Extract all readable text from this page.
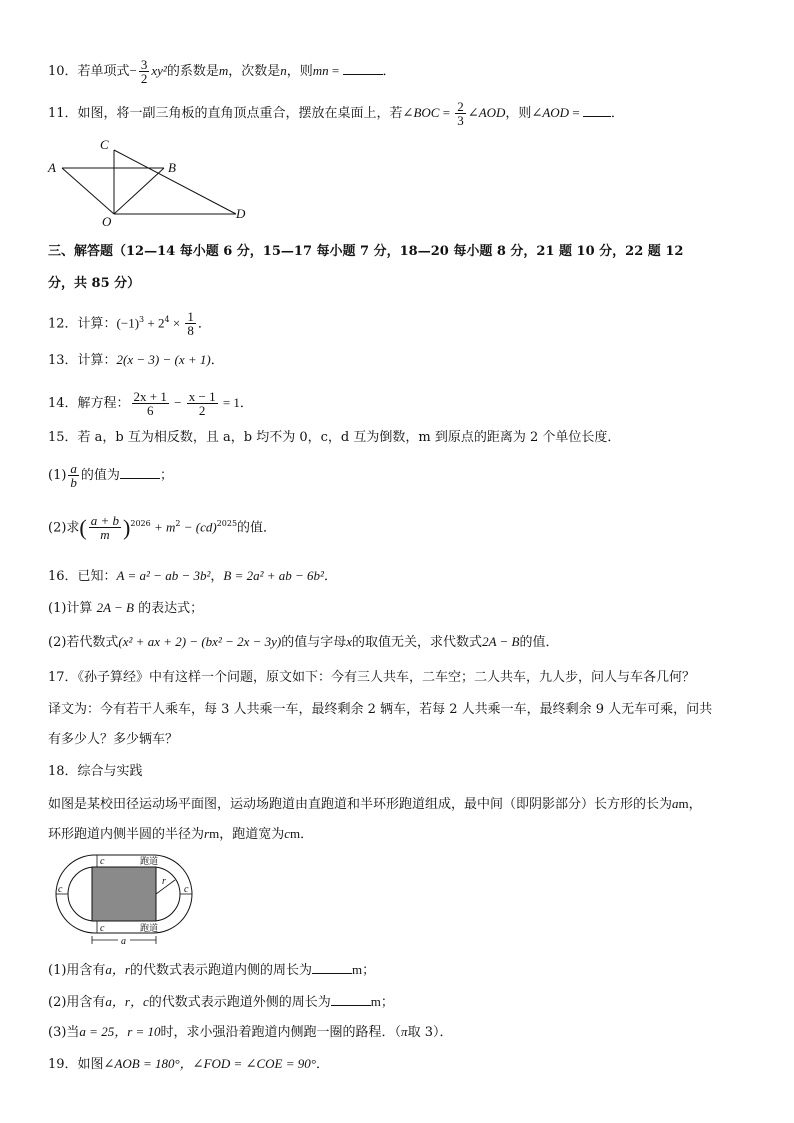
10．若单项式− $\frac{3}{2} xy^2$的系数是m，次数是n，则mn =	．
11．如图，将一副三角板的直角顶点重合，摆放在桌面上，若∠BOC = $\frac{2}{3}$ ∠AOD，则∠AOD = ．
A
C
B
O
D
三、解答题（12—14 每小题 6 分，15—17 每小题 7 分，18—20 每小题 8 分，21 题 10 分，22 题 12
分，共 85 分）
12．计算：$(-1)^3 + 2^4 \times \frac{1}{8}$ ．
13．计算：2(x − 3) − (x + 1)．
14．解方程： $\frac{2x + 1}{6} - \frac{x - 1}{2} = 1$．
15．若 a，b 互为相反数，且 a，b 均不为 0，c，d 互为倒数，m 到原点的距离为 2 个单位长度．
$(1) \frac{a}{b}$ 的值为	；
(2)求( $\frac{a + b}{m} )^{2026} + m^2 - (cd)^{2025}$的值．
16．已知：A = a² − ab − 3b²，B = 2a² + ab − 6b²．
(1)计算 2A − B 的表达式；
(2)若代数式(x² + ax + 2) − (bx² − 2x − 3y)的值与字母x的取值无关，求代数式2A − B的值．
17．《孙子算经》中有这样一个问题，原文如下：今有三人共车，二车空；二人共车，九人步，问人与车各几何？
译文为：今有若干人乘车，每 3 人共乘一车，最终剩余 2 辆车，若每 2 人共乘一车，最终剩余 9 人无车可乘，问共
有多少人？多少辆车？
18．综合与实践
如图是某校田径运动场平面图，运动场跑道由直跑道和半环形跑道组成，最中间（即阴影部分）长方形的长为am，
环形跑道内侧半圆的半径为rm，跑道宽为cm．
c
c
c	c
r
a
跑道
跑道
(1)用含有a，r的代数式表示跑道内侧的周长为	m；
(2)用含有a，r，c的代数式表示跑道外侧的周长为	m；
(3)当a = 25，r = 10时，求小强沿着跑道内侧跑一圈的路程．（π取 3）．
19．如图∠AOB = 180°，∠FOD = ∠COE = 90°．
